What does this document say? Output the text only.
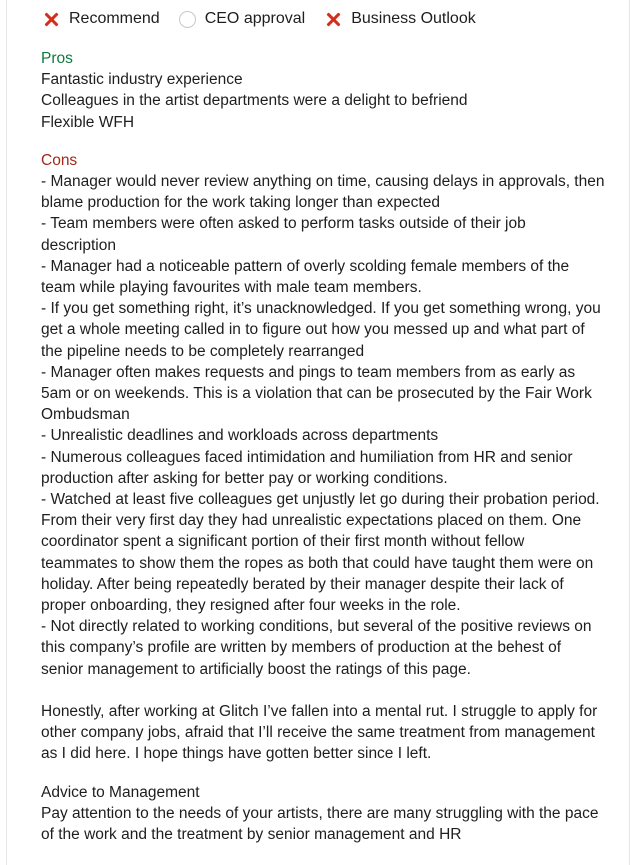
Recommend	CEO approval	Business Outlook
Pros
Fantastic industry experience
Colleagues in the artist departments were a delight to befriend
Flexible WFH
Cons
- Manager would never review anything on time, causing delays in approvals, then
blame production for the work taking longer than expected
- Team members were often asked to perform tasks outside of their job
description
- Manager had a noticeable pattern of overly scolding female members of the
team while playing favourites with male team members.
- If you get something right, it’s unacknowledged. If you get something wrong, you
get a whole meeting called in to figure out how you messed up and what part of
the pipeline needs to be completely rearranged
- Manager often makes requests and pings to team members from as early as
5am or on weekends. This is a violation that can be prosecuted by the Fair Work
Ombudsman
- Unrealistic deadlines and workloads across departments
- Numerous colleagues faced intimidation and humiliation from HR and senior
production after asking for better pay or working conditions.
- Watched at least five colleagues get unjustly let go during their probation period.
From their very first day they had unrealistic expectations placed on them. One
coordinator spent a significant portion of their first month without fellow
teammates to show them the ropes as both that could have taught them were on
holiday. After being repeatedly berated by their manager despite their lack of
proper onboarding, they resigned after four weeks in the role.
- Not directly related to working conditions, but several of the positive reviews on
this company’s profile are written by members of production at the behest of
senior management to artificially boost the ratings of this page.
Honestly, after working at Glitch I’ve fallen into a mental rut. I struggle to apply for
other company jobs, afraid that I’ll receive the same treatment from management
as I did here. I hope things have gotten better since I left.
Advice to Management
Pay attention to the needs of your artists, there are many struggling with the pace
of the work and the treatment by senior management and HR
